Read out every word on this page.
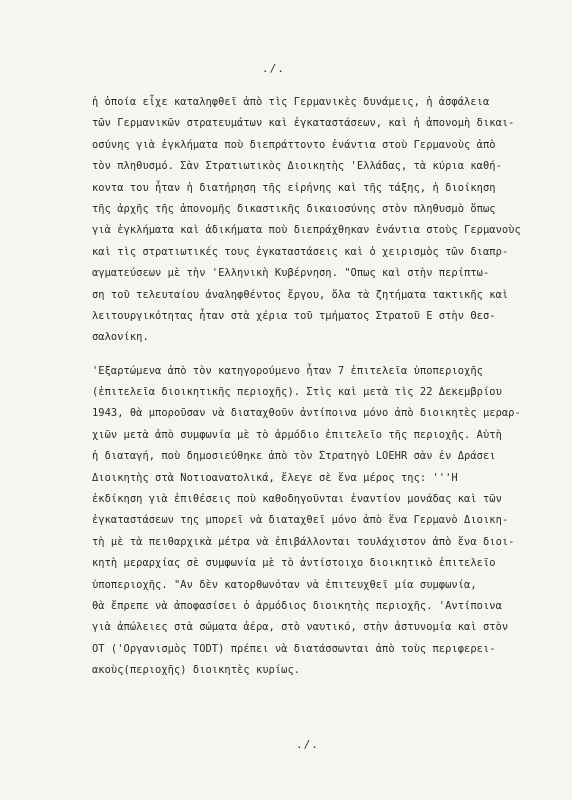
./.
ἡ ὁποία εἶχε καταληφθεῖ ἀπὸ τὶς Γερμανικὲς δυνάμεις, ἡ ἀσφάλεια
τῶν Γερμανικῶν στρατευμάτων καὶ ἐγκαταστάσεων, καὶ ἡ ἀπονομὴ δικαι-
οσύνης γιὰ ἐγκλήματα ποὺ διεπράττοντο ἐνάντια στοὺ Γερμανοὺς ἀπὸ
τὸν πληθυσμό. Σὰν Στρατιωτικὸς Διοικητὴς 'Ελλάδας, τὰ κύρια καθή-
κοντα του ἦταν ἡ διατήρηση τῆς εἰρήνης καὶ τῆς τάξης, ἡ διοίκηση
τῆς ἀρχῆς τῆς ἀπονομῆς δικαστικῆς δικαιοσύνης στὸν πληθυσμὸ ὅπως
γιὰ ἐγκλήματα καὶ ἀδικήματα ποὺ διεπράχθηκαν ἐνάντια στοὺς Γερμανοὺς
καὶ τὶς στρατιωτικές τους ἐγκαταστάσεις καὶ ὁ χειρισμὸς τῶν διαπρ-
αγματεύσεων μὲ τὴν 'Ελληνικὴ Κυβέρνηση. "Οπως καὶ στὴν περίπτω-
ση τοῦ τελευταίου ἀναληφθέντος ἔργου, ὅλα τὰ ζητήματα τακτικῆς καὶ
λειτουργικότητας ἦταν στὰ χέρια τοῦ τμήματος Στρατοῦ Ε στὴν Θεσ-
σαλονίκη.
'Εξαρτώμενα ἀπὸ τὸν κατηγορούμενο ἦταν 7 ἐπιτελεῖα ὑποπεριοχῆς
(ἐπιτελεῖα διοικητικῆς περιοχῆς). Στὶς καὶ μετὰ τὶς 22 Δεκεμβρίου
1943, θὰ μποροῦσαν νὰ διαταχθοῦν ἀντίποινα μόνο ἀπὸ διοικητὲς μεραρ-
χιῶν μετὰ ἀπὸ συμφωνία μὲ τὸ ἁρμόδιο ἐπιτελεῖο τῆς περιοχῆς. Αὐτὴ
ἡ διαταγή, ποὺ δημοσιεύθηκε ἀπὸ τὸν Στρατηγὸ LOEHR σὰν ἐν Δράσει
Διοικητὴς στὰ Νοτιοανατολικά, ἔλεγε σὲ ἕνα μέρος της: '''Η
ἐκδίκηση γιὰ ἐπιθέσεις ποὺ καθοδηγοῦνται ἐναντίον μονάδας καὶ τῶν
ἐγκαταστάσεων της μπορεῖ νὰ διαταχθεῖ μόνο ἀπὸ ἕνα Γερμανὸ Διοικη-
τὴ μὲ τὰ πειθαρχικὰ μέτρα νὰ ἐπιβάλλονται τουλάχιστον ἀπὸ ἕνα διοι-
κητὴ μεραρχίας σὲ συμφωνία μὲ τὸ ἀντίστοιχο διοικητικὸ ἐπιτελεῖο
ὑποπεριοχῆς. "Αν δὲν κατορθωνόταν νὰ ἐπιτευχθεῖ μία συμφωνία,
θὰ ἔπρεπε νὰ ἀποφασίσει ὁ ἁρμόδιος διοικητὴς περιοχῆς. 'Αντίποινα
γιὰ ἀπώλειες στὰ σώματα ἀέρα, στὸ ναυτικό, στὴν ἀστυνομία καὶ στὸν
ΟΤ ('Οργανισμὸς TODT) πρέπει νὰ διατάσσωνται ἀπὸ τοὺς περιφερει-
ακοὺς(περιοχῆς) διοικητὲς κυρίως.
./.
